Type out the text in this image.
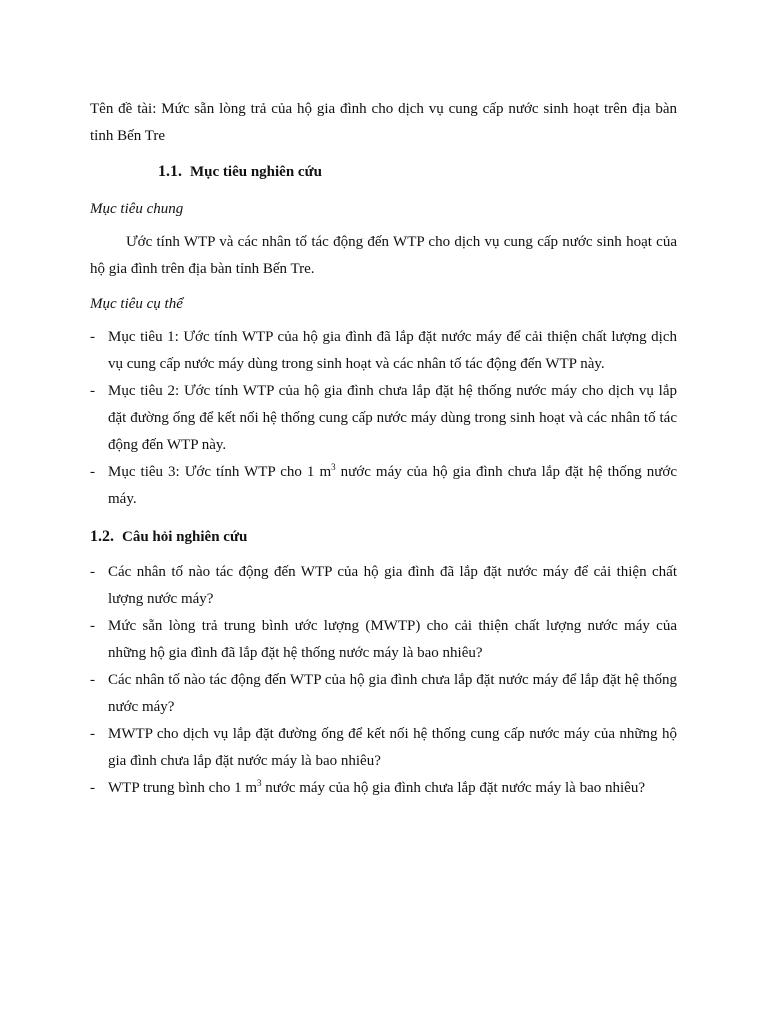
Tên đề tài: Mức sẵn lòng trả của hộ gia đình cho dịch vụ cung cấp nước sinh hoạt trên địa bàn tỉnh Bến Tre

1.1. Mục tiêu nghiên cứu

Mục tiêu chung

Ước tính WTP và các nhân tố tác động đến WTP cho dịch vụ cung cấp nước sinh hoạt của hộ gia đình trên địa bàn tỉnh Bến Tre.

Mục tiêu cụ thể

- Mục tiêu 1: Ước tính WTP của hộ gia đình đã lắp đặt nước máy để cải thiện chất lượng dịch vụ cung cấp nước máy dùng trong sinh hoạt và các nhân tố tác động đến WTP này.
- Mục tiêu 2: Ước tính WTP của hộ gia đình chưa lắp đặt hệ thống nước máy cho dịch vụ lắp đặt đường ống để kết nối hệ thống cung cấp nước máy dùng trong sinh hoạt và các nhân tố tác động đến WTP này.
- Mục tiêu 3: Ước tính WTP cho 1 $m^3$ nước máy của hộ gia đình chưa lắp đặt hệ thống nước máy.

1.2. Câu hỏi nghiên cứu

- Các nhân tố nào tác động đến WTP của hộ gia đình đã lắp đặt nước máy để cải thiện chất lượng nước máy?
- Mức sẵn lòng trả trung bình ước lượng (MWTP) cho cải thiện chất lượng nước máy của những hộ gia đình đã lắp đặt hệ thống nước máy là bao nhiêu?
- Các nhân tố nào tác động đến WTP của hộ gia đình chưa lắp đặt nước máy để lắp đặt hệ thống nước máy?
- MWTP cho dịch vụ lắp đặt đường ống để kết nối hệ thống cung cấp nước máy của những hộ gia đình chưa lắp đặt nước máy là bao nhiêu?
- WTP trung bình cho 1 $m^3$ nước máy của hộ gia đình chưa lắp đặt nước máy là bao nhiêu?
